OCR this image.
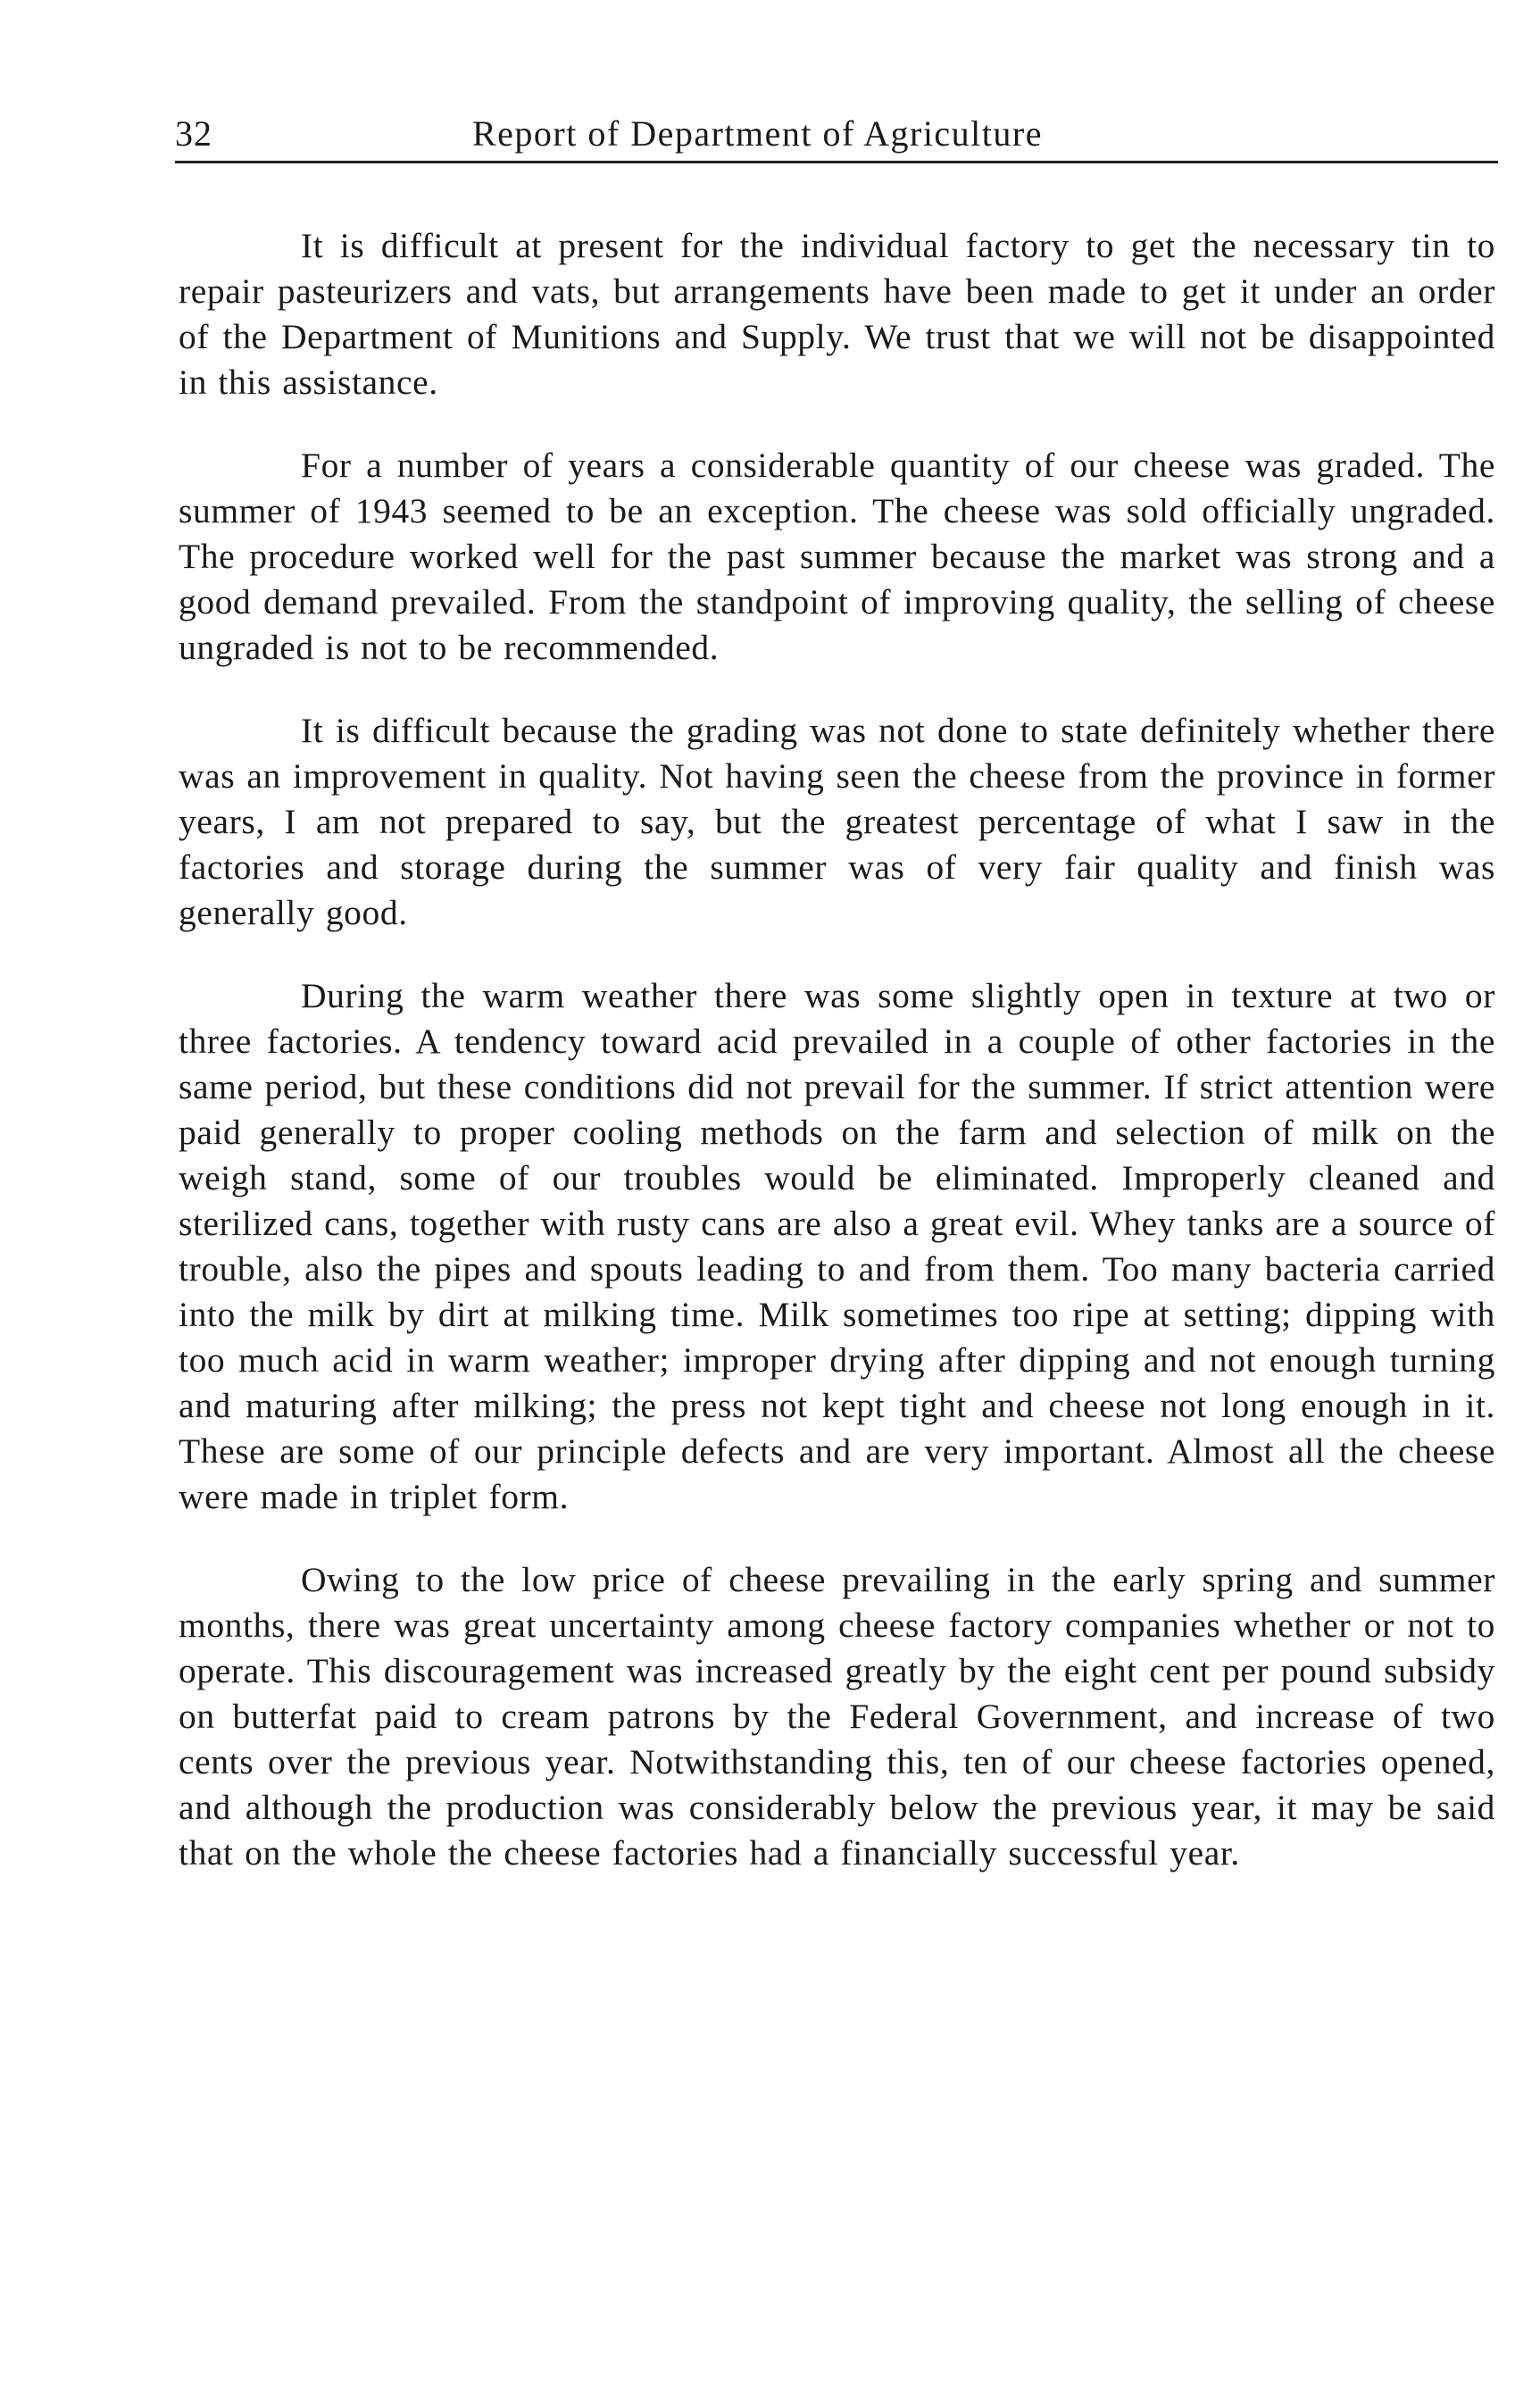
32	Report of Department of Agriculture

It is difficult at present for the individual factory to get the necessary tin to repair pasteurizers and vats, but arrangements have been made to get it under an order of the Department of Munitions and Supply. We trust that we will not be disappointed in this assistance.

For a number of years a considerable quantity of our cheese was graded. The summer of 1943 seemed to be an exception. The cheese was sold officially ungraded. The procedure worked well for the past summer because the market was strong and a good demand prevailed. From the standpoint of improving quality, the selling of cheese ungraded is not to be recommended.

It is difficult because the grading was not done to state definitely whether there was an improvement in quality. Not having seen the cheese from the province in former years, I am not prepared to say, but the greatest percentage of what I saw in the factories and storage during the summer was of very fair quality and finish was generally good.

During the warm weather there was some slightly open in texture at two or three factories. A tendency toward acid prevailed in a couple of other factories in the same period, but these conditions did not prevail for the summer. If strict attention were paid generally to proper cooling methods on the farm and selection of milk on the weigh stand, some of our troubles would be eliminated. Improperly cleaned and sterilized cans, together with rusty cans are also a great evil. Whey tanks are a source of trouble, also the pipes and spouts leading to and from them. Too many bacteria carried into the milk by dirt at milking time. Milk sometimes too ripe at setting; dipping with too much acid in warm weather; improper drying after dipping and not enough turning and maturing after milking; the press not kept tight and cheese not long enough in it. These are some of our principle defects and are very important. Almost all the cheese were made in triplet form.

Owing to the low price of cheese prevailing in the early spring and summer months, there was great uncertainty among cheese factory companies whether or not to operate. This discouragement was increased greatly by the eight cent per pound subsidy on butterfat paid to cream patrons by the Federal Government, and increase of two cents over the previous year. Notwithstanding this, ten of our cheese factories opened, and although the production was considerably below the previous year, it may be said that on the whole the cheese factories had a financially successful year.
